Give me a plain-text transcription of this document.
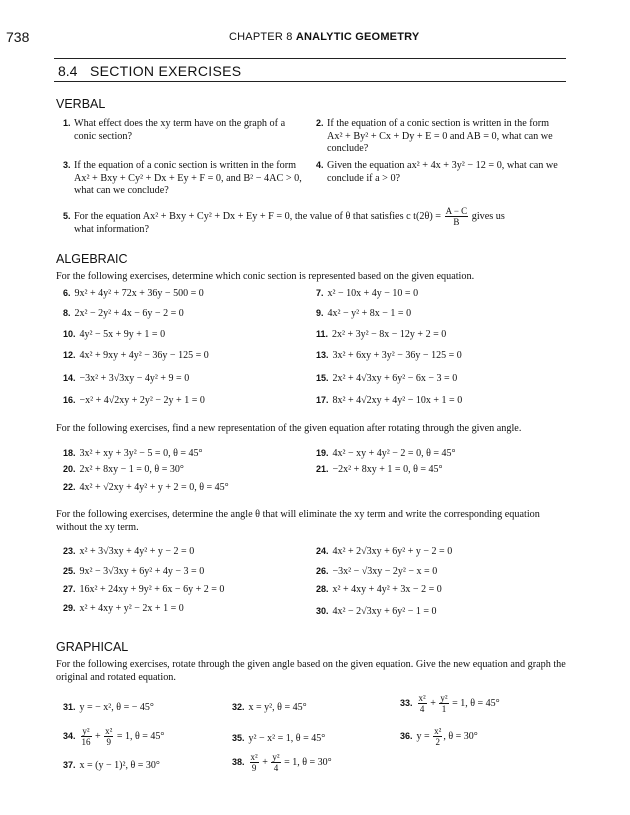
738	CHAPTER 8 ANALYTIC GEOMETRY
8.4 SECTION EXERCISES
VERBAL
1. What effect does the xy term have on the graph of a conic section?
2. If the equation of a conic section is written in the form Ax² + By² + Cx + Dy + E = 0 and AB = 0, what can we conclude?
3. If the equation of a conic section is written in the form Ax² + Bxy + Cy² + Dx + Ey + F = 0, and B² − 4AC > 0, what can we conclude?
4. Given the equation ax² + 4x + 3y² − 12 = 0, what can we conclude if a > 0?
5. For the equation Ax² + Bxy + Cy² + Dx + Ey + F = 0, the value of θ that satisfies c $t(2\theta) = \frac{A - C}{B}$ gives us
what information?
ALGEBRAIC
For the following exercises, determine which conic section is represented based on the given equation.
6. 9x² + 4y² + 72x + 36y − 500 = 0	7. x² − 10x + 4y − 10 = 0
8. 2x² − 2y² + 4x − 6y − 2 = 0	9. 4x² − y² + 8x − 1 = 0
10. 4y² − 5x + 9y + 1 = 0	11. 2x² + 3y² − 8x − 12y + 2 = 0
12. 4x² + 9xy + 4y² − 36y − 125 = 0	13. 3x² + 6xy + 3y² − 36y − 125 = 0
14. −3x² + 3√3xy − 4y² + 9 = 0	15. 2x² + 4√3xy + 6y² − 6x − 3 = 0
16. −x² + 4√2xy + 2y² − 2y + 1 = 0	17. 8x² + 4√2xy + 4y² − 10x + 1 = 0
For the following exercises, find a new representation of the given equation after rotating through the given angle.
18. 3x² + xy + 3y² − 5 = 0, θ = 45°	19. 4x² − xy + 4y² − 2 = 0, θ = 45°
20. 2x² + 8xy − 1 = 0, θ = 30°	21. −2x² + 8xy + 1 = 0, θ = 45°
22. 4x² + √2xy + 4y² + y + 2 = 0, θ = 45°
For the following exercises, determine the angle θ that will eliminate the xy term and write the corresponding equation without the xy term.
23. x² + 3√3xy + 4y² + y − 2 = 0	24. 4x² + 2√3xy + 6y² + y − 2 = 0
25. 9x² − 3√3xy + 6y² + 4y − 3 = 0	26. −3x² − √3xy − 2y² − x = 0
27. 16x² + 24xy + 9y² + 6x − 6y + 2 = 0	28. x² + 4xy + 4y² + 3x − 2 = 0
29. x² + 4xy + y² − 2x + 1 = 0	30. 4x² − 2√3xy + 6y² − 1 = 0
GRAPHICAL
For the following exercises, rotate through the given angle based on the given equation. Give the new equation and graph the original and rotated equation.
31. y = − x², θ = − 45°	32. x = y², θ = 45°	33. $\frac{\text{x²}}{4} + \frac{\text{y²}}{1} = 1$, θ = 45°
34. $\frac{\text{y²}}{16} + \frac{\text{x²}}{9} = 1$, θ = 45°	35. y² − x² = 1, θ = 45°	36. $y = \frac{\text{x²}}{2}$ , θ = 30°
37. x = (y − 1)², θ = 30°	38. $\frac{\text{x²}}{9} + \frac{\text{y²}}{4} = 1$, θ = 30°
